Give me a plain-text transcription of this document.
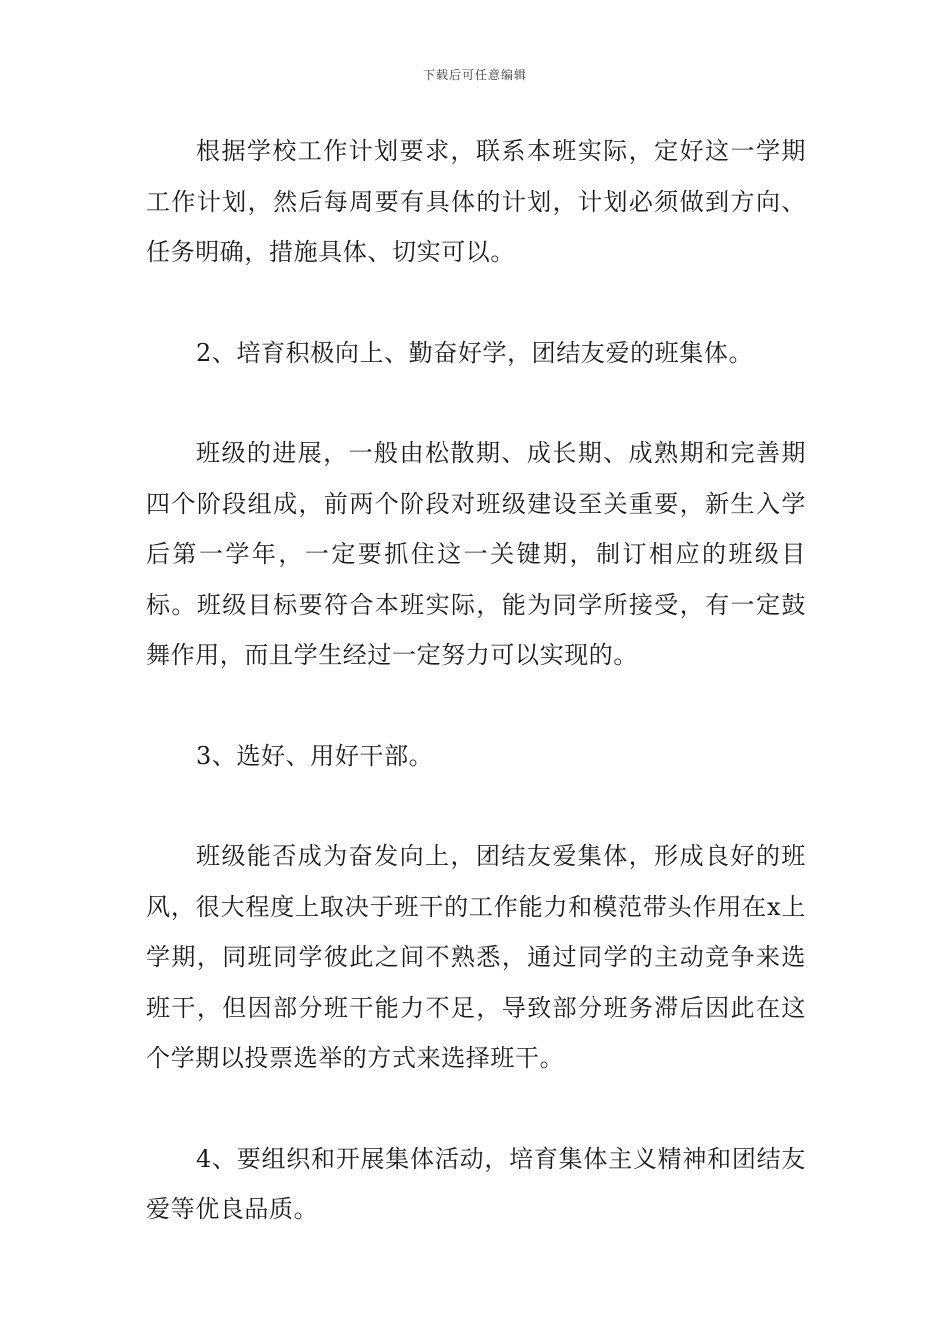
下载后可任意编辑

根据学校工作计划要求，联系本班实际，定好这一学期工作计划，然后每周要有具体的计划，计划必须做到方向、任务明确，措施具体、切实可以。

2、培育积极向上、勤奋好学，团结友爱的班集体。

班级的进展，一般由松散期、成长期、成熟期和完善期四个阶段组成，前两个阶段对班级建设至关重要，新生入学后第一学年，一定要抓住这一关键期，制订相应的班级目标。班级目标要符合本班实际，能为同学所接受，有一定鼓舞作用，而且学生经过一定努力可以实现的。

3、选好、用好干部。

班级能否成为奋发向上，团结友爱集体，形成良好的班风，很大程度上取决于班干的工作能力和模范带头作用在x上学期，同班同学彼此之间不熟悉，通过同学的主动竞争来选班干，但因部分班干能力不足，导致部分班务滞后因此在这个学期以投票选举的方式来选择班干。

4、要组织和开展集体活动，培育集体主义精神和团结友爱等优良品质。
